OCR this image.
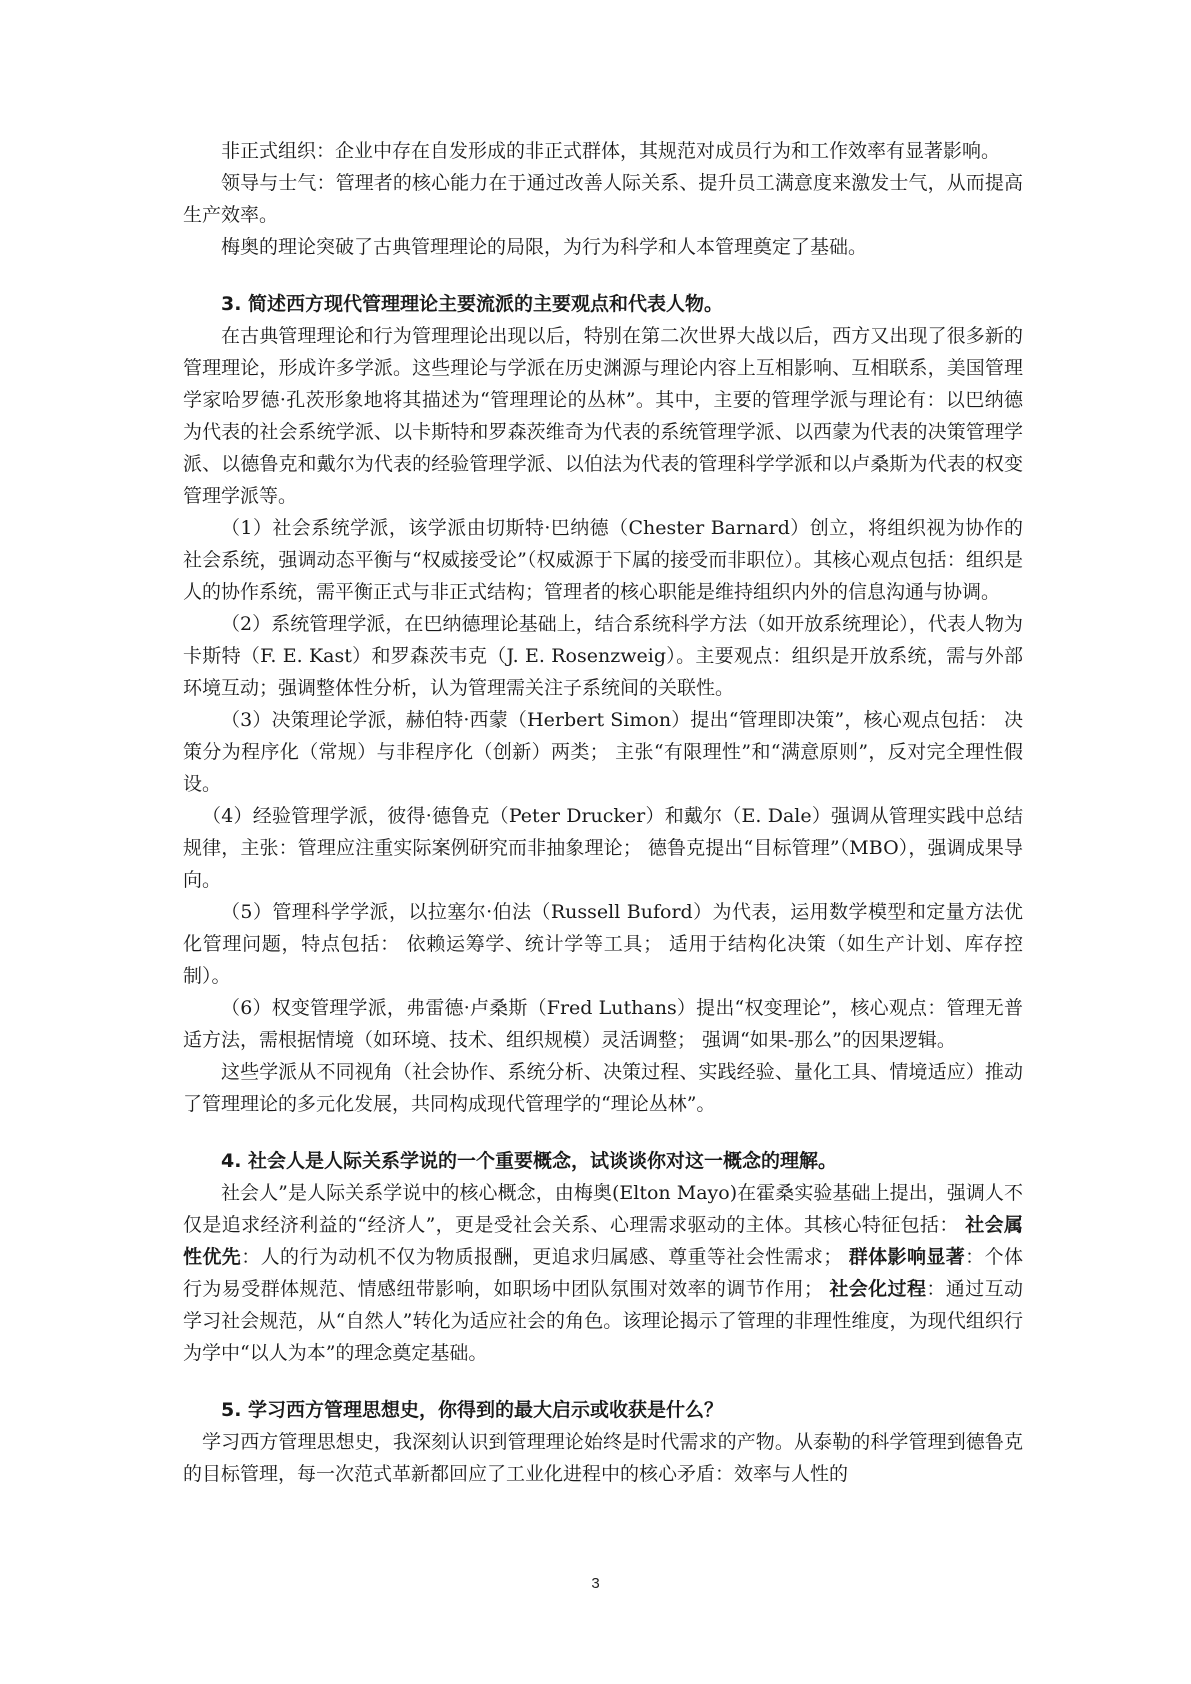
非正式组织：企业中存在自发形成的非正式群体，其规范对成员行为和工作效率有显著影响。

领导与士气：管理者的核心能力在于通过改善人际关系、提升员工满意度来激发士气，从而提高生产效率。

梅奥的理论突破了古典管理理论的局限，为行为科学和人本管理奠定了基础。

3. 简述西方现代管理理论主要流派的主要观点和代表人物。

在古典管理理论和行为管理理论出现以后，特别在第二次世界大战以后，西方又出现了很多新的管理理论，形成许多学派。这些理论与学派在历史渊源与理论内容上互相影响、互相联系，美国管理学家哈罗德·孔茨形象地将其描述为“管理理论的丛林”。其中，主要的管理学派与理论有：以巴纳德为代表的社会系统学派、以卡斯特和罗森茨维奇为代表的系统管理学派、以西蒙为代表的决策管理学派、以德鲁克和戴尔为代表的经验管理学派、以伯法为代表的管理科学学派和以卢桑斯为代表的权变管理学派等。

（1）社会系统学派，该学派由切斯特·巴纳德（Chester Barnard）创立，将组织视为协作的社会系统，强调动态平衡与“权威接受论”（权威源于下属的接受而非职位）。其核心观点包括：组织是人的协作系统，需平衡正式与非正式结构；管理者的核心职能是维持组织内外的信息沟通与协调。

（2）系统管理学派，在巴纳德理论基础上，结合系统科学方法（如开放系统理论），代表人物为卡斯特（F. E. Kast）和罗森茨韦克（J. E. Rosenzweig）。主要观点：组织是开放系统，需与外部环境互动；强调整体性分析，认为管理需关注子系统间的关联性。

（3）决策理论学派，赫伯特·西蒙（Herbert Simon）提出“管理即决策”，核心观点包括： 决策分为程序化（常规）与非程序化（创新）两类； 主张“有限理性”和“满意原则”，反对完全理性假设。

（4）经验管理学派，彼得·德鲁克（Peter Drucker）和戴尔（E. Dale）强调从管理实践中总结规律，主张：管理应注重实际案例研究而非抽象理论； 德鲁克提出“目标管理”（MBO），强调成果导向。

（5）管理科学学派，以拉塞尔·伯法（Russell Buford）为代表，运用数学模型和定量方法优化管理问题，特点包括： 依赖运筹学、统计学等工具； 适用于结构化决策（如生产计划、库存控制）。

（6）权变管理学派，弗雷德·卢桑斯（Fred Luthans）提出“权变理论”，核心观点：管理无普适方法，需根据情境（如环境、技术、组织规模）灵活调整； 强调“如果-那么”的因果逻辑。

这些学派从不同视角（社会协作、系统分析、决策过程、实践经验、量化工具、情境适应）推动了管理理论的多元化发展，共同构成现代管理学的“理论丛林”。

4. 社会人是人际关系学说的一个重要概念，试谈谈你对这一概念的理解。

社会人”是人际关系学说中的核心概念，由梅奥(Elton Mayo)在霍桑实验基础上提出，强调人不仅是追求经济利益的“经济人”，更是受社会关系、心理需求驱动的主体。其核心特征包括： 社会属性优先：人的行为动机不仅为物质报酬，更追求归属感、尊重等社会性需求； 群体影响显著：个体行为易受群体规范、情感纽带影响，如职场中团队氛围对效率的调节作用； 社会化过程：通过互动学习社会规范，从“自然人”转化为适应社会的角色。该理论揭示了管理的非理性维度，为现代组织行为学中“以人为本”的理念奠定基础。

5. 学习西方管理思想史，你得到的最大启示或收获是什么？

学习西方管理思想史，我深刻认识到管理理论始终是时代需求的产物。从泰勒的科学管理到德鲁克的目标管理，每一次范式革新都回应了工业化进程中的核心矛盾：效率与人性的

3
